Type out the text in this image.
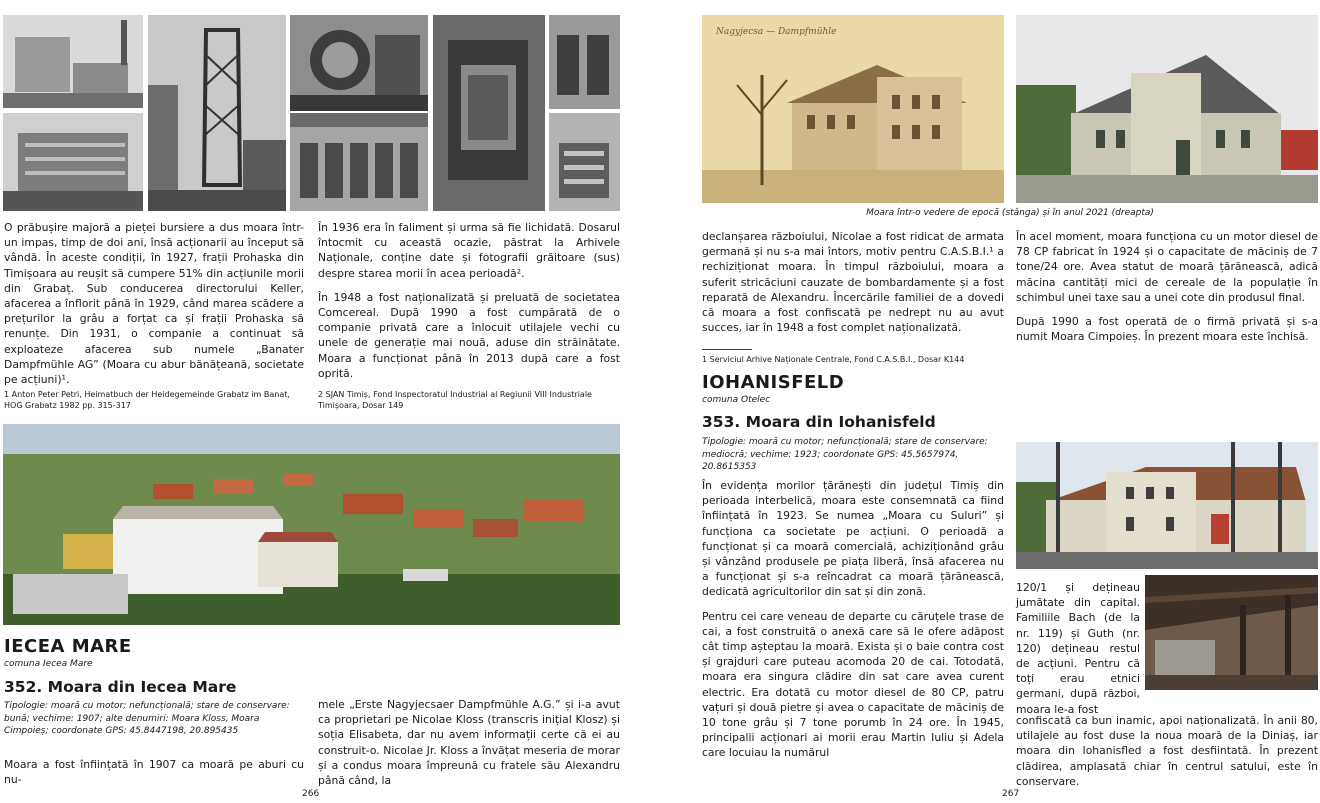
O prăbușire majoră a pieței bursiere a dus moara într-un impas, timp de doi ani, însă acționarii au început să vândă. În aceste condiții, în 1927, frații Prohaska din Timișoara au reușit să cumpere 51% din acțiunile morii din Grabaț. Sub conducerea directorului Keller, afacerea a înflorit până în 1929, când marea scădere a prețurilor la grâu a forțat ca și frații Prohaska să renunțe. Din 1931, o companie a continuat să exploateze afacerea sub numele „Banater Dampfmühle AG” (Moara cu abur bănățeană, societate pe acțiuni)¹.

1 Anton Peter Petri, Heimatbuch der Heidegemeinde Grabatz im Banat, HOG Grabatz 1982 pp. 315-317

În 1936 era în faliment și urma să fie lichidată. Dosarul întocmit cu această ocazie, păstrat la Arhivele Naționale, conține date și fotografii grăitoare (sus) despre starea morii în acea perioadă².

În 1948 a fost naționalizată și preluată de societatea Comcereal. După 1990 a fost cumpărată de o companie privată care a înlocuit utilajele vechi cu unele de generație mai nouă, aduse din străinătate. Moara a funcționat până în 2013 după care a fost oprită.

2 SJAN Timiș, Fond Inspectoratul Industrial al Regiunii VIII Industriale Timișoara, Dosar 149

IECEA MARE
comuna Iecea Mare
352. Moara din Iecea Mare
Tipologie: moară cu motor; nefuncțională; stare de conservare: bună; vechime: 1907; alte denumiri: Moara Kloss, Moara Cimpoieș; coordonate GPS: 45.8447198, 20.895435

Moara a fost înființată în 1907 ca moară pe aburi cu nu-

mele „Erste Nagyjecsaer Dampfmühle A.G.” și i-a avut ca proprietari pe Nicolae Kloss (transcris inițial Klosz) și soția Elisabeta, dar nu avem informații certe că ei au construit-o. Nicolae Jr. Kloss a învățat meseria de morar și a condus moara împreună cu fratele său Alexandru până când, la

266
Nagyjecsa — Dampfmühle
Moara într-o vedere de epocă (stânga) și în anul 2021 (dreapta)

declanșarea războiului, Nicolae a fost ridicat de armata germană și nu s-a mai întors, motiv pentru C.A.S.B.I.¹ a rechiziționat moara. În timpul războiului, moara a suferit stricăciuni cauzate de bombardamente și a fost reparată de Alexandru. Încercările familiei de a dovedi că moara a fost confiscată pe nedrept nu au avut succes, iar în 1948 a fost complet naționalizată.

1 Serviciul Arhive Naționale Centrale, Fond C.A.S.B.I., Dosar K144

În acel moment, moara funcționa cu un motor diesel de 78 CP fabricat în 1924 și o capacitate de măciniș de 7 tone/24 ore. Avea statut de moară țărănească, adică măcina cantități mici de cereale de la populație în schimbul unei taxe sau a unei cote din produsul final.

După 1990 a fost operată de o firmă privată și s-a numit Moara Cimpoieș. În prezent moara este închisă.

IOHANISFELD
comuna Otelec
353. Moara din Iohanisfeld
Tipologie: moară cu motor; nefuncțională; stare de conservare: mediocră; vechime: 1923; coordonate GPS: 45.5657974, 20.8615353

În evidența morilor țărănești din județul Timiș din perioada interbelică, moara este consemnată ca fiind înființată în 1923. Se numea „Moara cu Suluri” și funcționa ca societate pe acțiuni. O perioadă a funcționat și ca moară comercială, achiziționând grâu și vânzând produsele pe piața liberă, însă afacerea nu a funcționat și s-a reîncadrat ca moară țărănească, dedicată agricultorilor din sat și din zonă.

Pentru cei care veneau de departe cu căruțele trase de cai, a fost construită o anexă care să le ofere adăpost cât timp așteptau la moară. Exista și o baie contra cost și grajduri care puteau acomoda 20 de cai. Totodată, moara era singura clădire din sat care avea curent electric. Era dotată cu motor diesel de 80 CP, patru vațuri și două pietre și avea o capacitate de măciniș de 10 tone grâu și 7 tone porumb în 24 ore. În 1945, principalii acționari ai morii erau Martin Iuliu și Adela care locuiau la numărul

120/1 și dețineau jumătate din capital. Familiile Bach (de la nr. 119) și Guth (nr. 120) dețineau restul de acțiuni. Pentru că toți erau etnici germani, după război, moara le-a fost

confiscată ca bun inamic, apoi naționalizată. În anii 80, utilajele au fost duse la noua moară de la Diniaș, iar moara din Iohanisfled a fost desfiintată. În prezent clădirea, amplasată chiar în centrul satului, este în conservare.

267
